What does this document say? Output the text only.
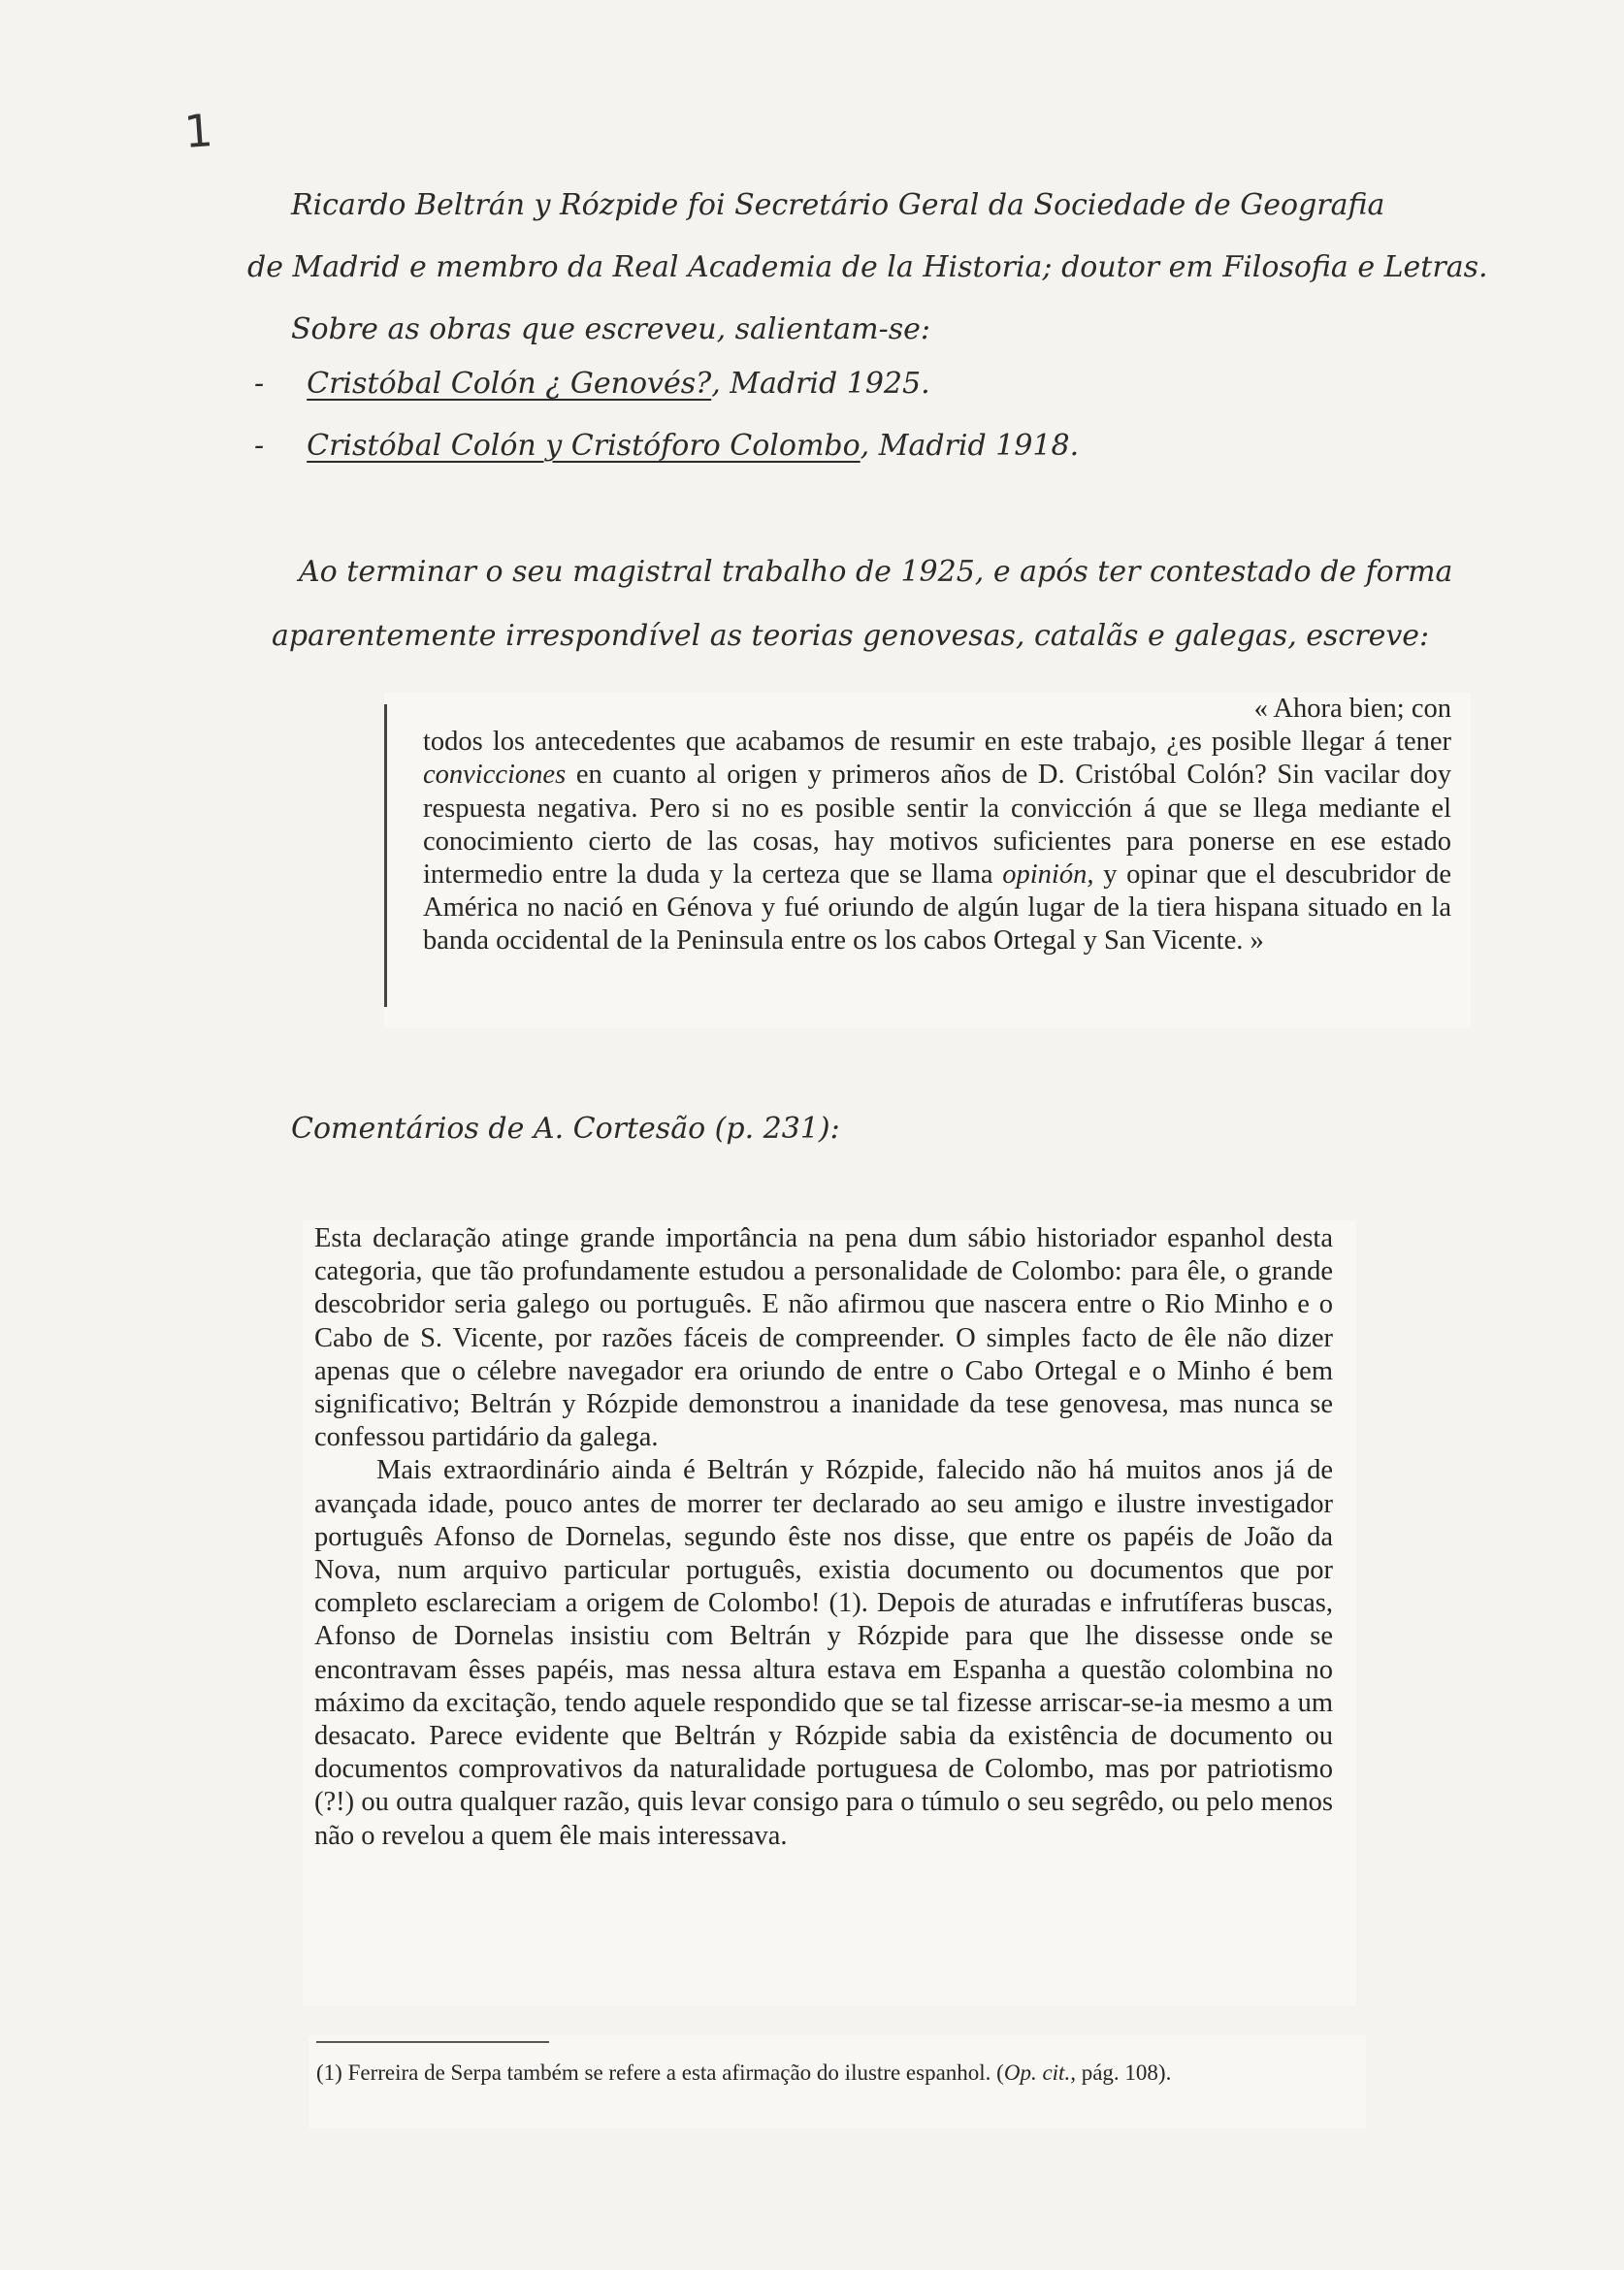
1
Ricardo Beltrán y Rózpide foi Secretário Geral da Sociedade de Geografia
de Madrid e membro da Real Academia de la Historia; doutor em Filosofia e Letras.
Sobre as obras que escreveu, salientam-se:
- Cristóbal Colón ¿ Genovés?, Madrid 1925.
- Cristóbal Colón y Cristóforo Colombo, Madrid 1918.
Ao terminar o seu magistral trabalho de 1925, e após ter contestado de forma
aparentemente irrespondível as teorias genovesas, catalãs e galegas, escreve:
Comentários de A. Cortesão (p. 231):
« Ahora bien; con
todos los antecedentes que acabamos de resumir en este trabajo, ¿es posible llegar á tener convicciones en cuanto al origen y primeros años de D. Cristóbal Colón? Sin vacilar doy respuesta negativa. Pero si no es posible sentir la convicción á que se llega mediante el conocimiento cierto de las cosas, hay motivos suficientes para ponerse en ese estado intermedio entre la duda y la certeza que se llama opinión, y opinar que el descubridor de América no nació en Génova y fué oriundo de algún lugar de la tiera hispana situado en la banda occidental de la Peninsula entre os los cabos Ortegal y San Vicente. »

Esta declaração atinge grande importância na pena dum sábio historiador espanhol desta categoria, que tão profundamente estudou a personalidade de Colombo: para êle, o grande descobridor seria galego ou português. E não afirmou que nascera entre o Rio Minho e o Cabo de S. Vicente, por razões fáceis de compreender. O simples facto de êle não dizer apenas que o célebre navegador era oriundo de entre o Cabo Ortegal e o Minho é bem significativo; Beltrán y Rózpide demonstrou a inanidade da tese genovesa, mas nunca se confessou partidário da galega.

Mais extraordinário ainda é Beltrán y Rózpide, falecido não há muitos anos já de avançada idade, pouco antes de morrer ter declarado ao seu amigo e ilustre investigador português Afonso de Dornelas, segundo êste nos disse, que entre os papéis de João da Nova, num arquivo particular português, existia documento ou documentos que por completo esclareciam a origem de Colombo! (1). Depois de aturadas e infrutíferas buscas, Afonso de Dornelas insistiu com Beltrán y Rózpide para que lhe dissesse onde se encontravam êsses papéis, mas nessa altura estava em Espanha a questão colombina no máximo da excitação, tendo aquele respondido que se tal fizesse arriscar-se-ia mesmo a um desacato. Parece evidente que Beltrán y Rózpide sabia da existência de documento ou documentos comprovativos da naturalidade portuguesa de Colombo, mas por patriotismo (?!) ou outra qualquer razão, quis levar consigo para o túmulo o seu segrêdo, ou pelo menos não o revelou a quem êle mais interessava.

(1) Ferreira de Serpa também se refere a esta afirmação do ilustre espanhol. (Op. cit., pág. 108).
